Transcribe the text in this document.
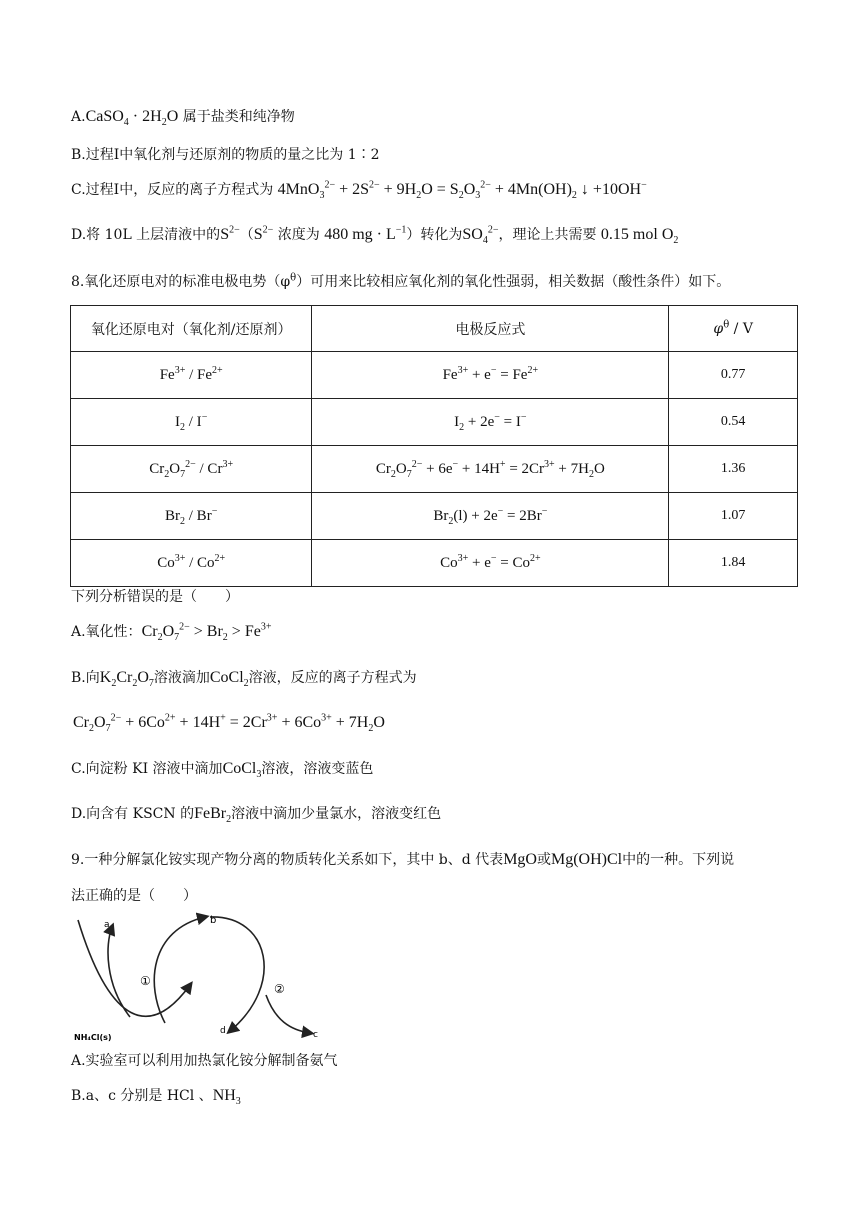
A.CaSO$_4$ · $2H_2O$ 属于盐类和纯净物
B.过程Ⅰ中氧化剂与还原剂的物质的量之比为 1∶2
C.过程Ⅰ中，反应的离子方程式为 $4MnO_3^{2-} + 2S^{2-} + 9H_2O = S_2O_3^{2-} + 4Mn(OH)_2$ ↓ +10OH−
D.将 10L 上层清液中的$S^{2-}(S^{2-}$ 浓度为 480 mg · $L^{-1}$）转化为$SO_4^{2-}$，理论上共需要 0.15 mol $O_2$
8.氧化还原电对的标准电极电势$(\varphi^\theta)$可用来比较相应氧化剂的氧化性强弱，相关数据（酸性条件）如下。
氧化还原电对（氧化剂/还原剂）	电极反应式	$\varphi^\theta$ / V
$Fe^{3+} / Fe^{2+}$	$Fe^{3+} + e^- = Fe^{2+}$	0.77
$I_2 / I^-$	$I_2 + 2e^- = I^-$	0.54
$Cr_2O_7^{2-} / Cr^{3+}$	$Cr_2O_7^{2-} + 6e^- + 14H^+ = 2Cr^{3+} + 7H_2O$	1.36
$Br_2 / Br^-$	$Br_2(l) + 2e^- = 2Br^-$	1.07
$Co^{3+} / Co^{2+}$	$Co^{3+} + e^- = Co^{2+}$	1.84
下列分析错误的是（　　）
A.氧化性：$Cr_2O_7^{2-} > Br_2 > Fe^{3+}$
B.向$K_2Cr_2O_7$溶液滴加CoCl$_2$溶液，反应的离子方程式为
$Cr_2O_7^{2-} + 6Co^{2+} + 14H^+ = 2Cr^{3+} + 6Co^{3+} + 7H_2O$
C.向淀粉 KI 溶液中滴加CoCl$_3$溶液，溶液变蓝色
D.向含有 KSCN 的FeBr$_2$溶液中滴加少量氯水，溶液变红色
9.一种分解氯化铵实现产物分离的物质转化关系如下，其中 b、d 代表MgO或Mg(OH)Cl中的一种。下列说
法正确的是（　　）
a	b
c
d
①
②
NH₄Cl(s)
A.实验室可以利用加热氯化铵分解制备氨气
B.a、c 分别是 HCl 、$NH_3$
